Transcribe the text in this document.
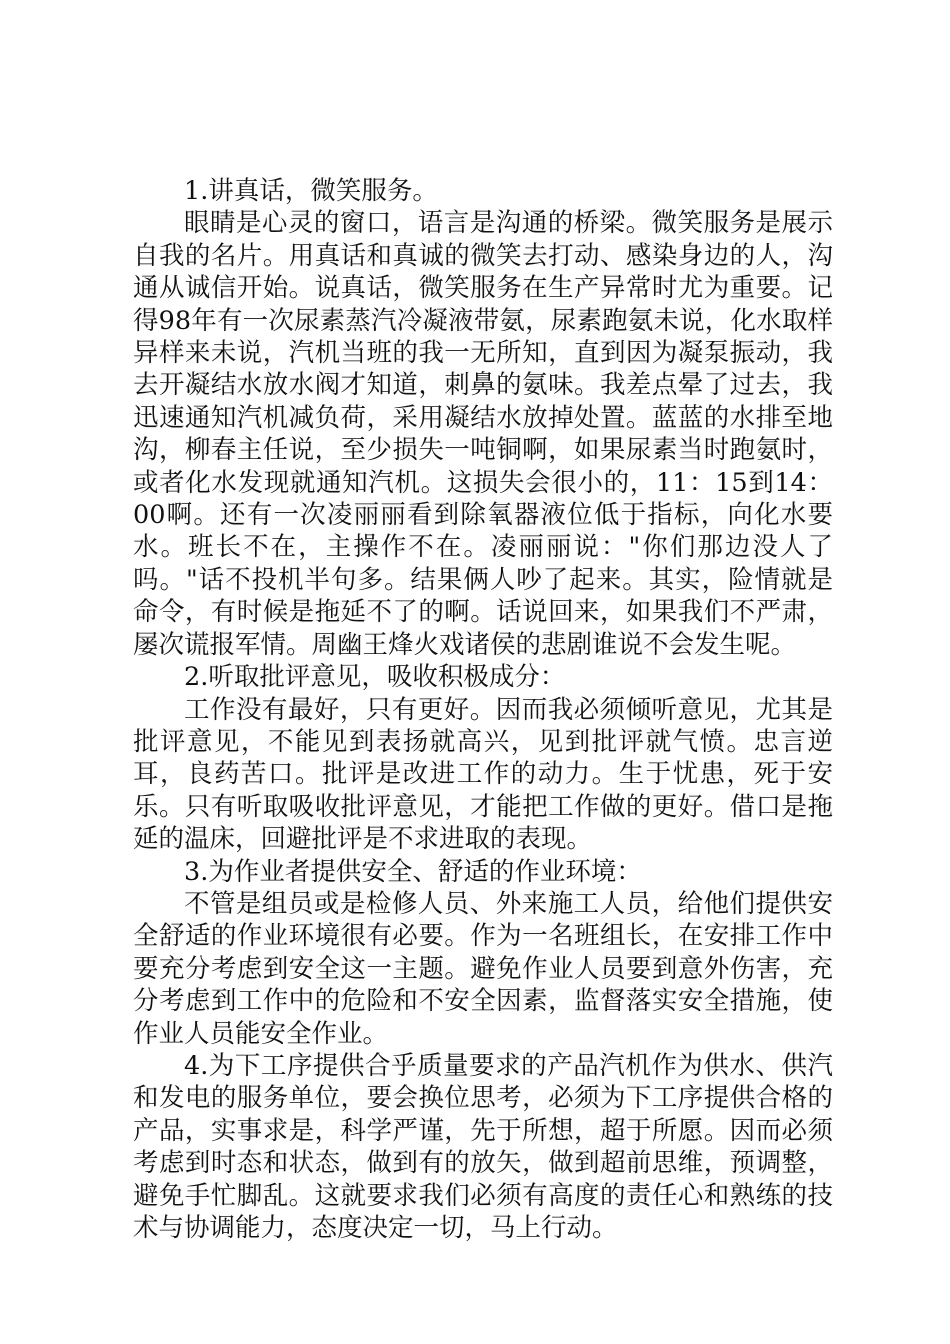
1.讲真话，微笑服务。

眼睛是心灵的窗口，语言是沟通的桥梁。微笑服务是展示自我的名片。用真话和真诚的微笑去打动、感染身边的人，沟通从诚信开始。说真话，微笑服务在生产异常时尤为重要。记得98年有一次尿素蒸汽冷凝液带氨，尿素跑氨未说，化水取样异样来未说，汽机当班的我一无所知，直到因为凝泵振动，我去开凝结水放水阀才知道，刺鼻的氨味。我差点晕了过去，我迅速通知汽机减负荷，采用凝结水放掉处置。蓝蓝的水排至地沟，柳春主任说，至少损失一吨铜啊，如果尿素当时跑氨时，或者化水发现就通知汽机。这损失会很小的，11：15到14：00啊。还有一次凌丽丽看到除氧器液位低于指标，向化水要水。班长不在，主操作不在。凌丽丽说："你们那边没人了吗。"话不投机半句多。结果俩人吵了起来。其实，险情就是命令，有时候是拖延不了的啊。话说回来，如果我们不严肃，屡次谎报军情。周幽王烽火戏诸侯的悲剧谁说不会发生呢。

2.听取批评意见，吸收积极成分：

工作没有最好，只有更好。因而我必须倾听意见，尤其是批评意见，不能见到表扬就高兴，见到批评就气愤。忠言逆耳，良药苦口。批评是改进工作的动力。生于忧患，死于安乐。只有听取吸收批评意见，才能把工作做的更好。借口是拖延的温床，回避批评是不求进取的表现。

3.为作业者提供安全、舒适的作业环境：

不管是组员或是检修人员、外来施工人员，给他们提供安全舒适的作业环境很有必要。作为一名班组长，在安排工作中要充分考虑到安全这一主题。避免作业人员要到意外伤害，充分考虑到工作中的危险和不安全因素，监督落实安全措施，使作业人员能安全作业。

4.为下工序提供合乎质量要求的产品汽机作为供水、供汽和发电的服务单位，要会换位思考，必须为下工序提供合格的产品，实事求是，科学严谨，先于所想，超于所愿。因而必须考虑到时态和状态，做到有的放矢，做到超前思维，预调整，避免手忙脚乱。这就要求我们必须有高度的责任心和熟练的技术与协调能力，态度决定一切，马上行动。
